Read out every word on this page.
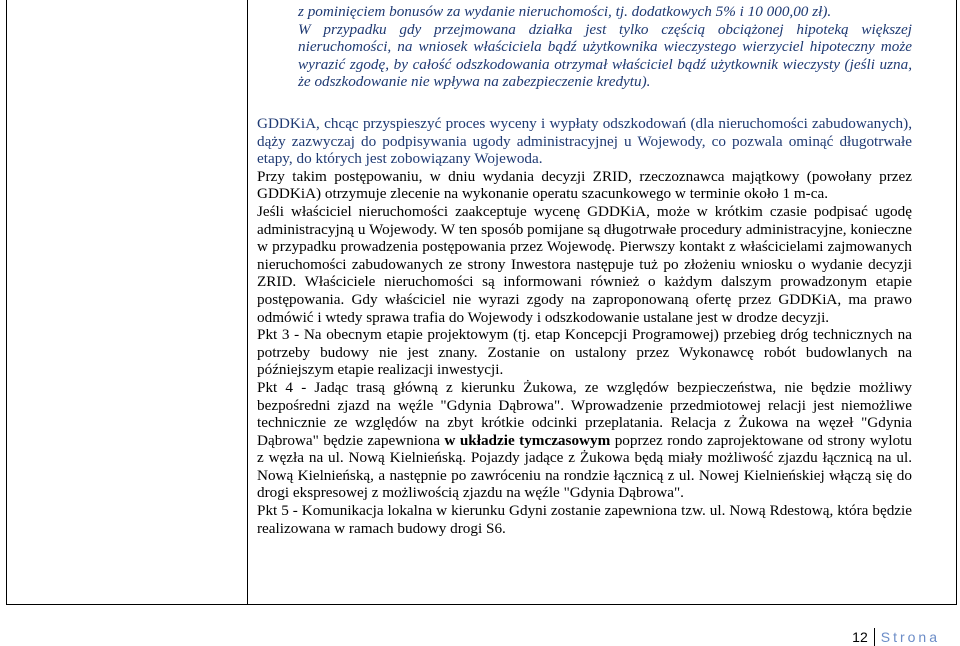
z pominięciem bonusów za wydanie nieruchomości, tj. dodatkowych 5% i 10 000,00 zł).

W przypadku gdy przejmowana działka jest tylko częścią obciążonej hipoteką większej nieruchomości, na wniosek właściciela bądź użytkownika wieczystego wierzyciel hipoteczny może wyrazić zgodę, by całość odszkodowania otrzymał właściciel bądź użytkownik wieczysty (jeśli uzna, że odszkodowanie nie wpływa na zabezpieczenie kredytu).

GDDKiA, chcąc przyspieszyć proces wyceny i wypłaty odszkodowań (dla nieruchomości zabudowanych), dąży zazwyczaj do podpisywania ugody administracyjnej u Wojewody, co pozwala ominąć długotrwałe etapy, do których jest zobowiązany Wojewoda.

Przy takim postępowaniu, w dniu wydania decyzji ZRID, rzeczoznawca majątkowy (powołany przez GDDKiA) otrzymuje zlecenie na wykonanie operatu szacunkowego w terminie około 1 m-ca.

Jeśli właściciel nieruchomości zaakceptuje wycenę GDDKiA, może w krótkim czasie podpisać ugodę administracyjną u Wojewody. W ten sposób pomijane są długotrwałe procedury administracyjne, konieczne w przypadku prowadzenia postępowania przez Wojewodę. Pierwszy kontakt z właścicielami zajmowanych nieruchomości zabudowanych ze strony Inwestora następuje tuż po złożeniu wniosku o wydanie decyzji ZRID. Właściciele nieruchomości są informowani również o każdym dalszym prowadzonym etapie postępowania. Gdy właściciel nie wyrazi zgody na zaproponowaną ofertę przez GDDKiA, ma prawo odmówić i wtedy sprawa trafia do Wojewody i odszkodowanie ustalane jest w drodze decyzji.

Pkt 3 - Na obecnym etapie projektowym (tj. etap Koncepcji Programowej) przebieg dróg technicznych na potrzeby budowy nie jest znany. Zostanie on ustalony przez Wykonawcę robót budowlanych na późniejszym etapie realizacji inwestycji.

Pkt 4 - Jadąc trasą główną z kierunku Żukowa, ze względów bezpieczeństwa, nie będzie możliwy bezpośredni zjazd na węźle "Gdynia Dąbrowa". Wprowadzenie przedmiotowej relacji jest niemożliwe technicznie ze względów na zbyt krótkie odcinki przeplatania. Relacja z Żukowa na węzeł "Gdynia Dąbrowa" będzie zapewniona w układzie tymczasowym poprzez rondo zaprojektowane od strony wylotu z węzła na ul. Nową Kielnieńską. Pojazdy jadące z Żukowa będą miały możliwość zjazdu łącznicą na ul. Nową Kielnieńską, a następnie po zawróceniu na rondzie łącznicą z ul. Nowej Kielnieńskiej włączą się do drogi ekspresowej z możliwością zjazdu na węźle "Gdynia Dąbrowa".

Pkt 5 - Komunikacja lokalna w kierunku Gdyni zostanie zapewniona tzw. ul. Nową Rdestową, która będzie realizowana w ramach budowy drogi S6.

12 Strona
